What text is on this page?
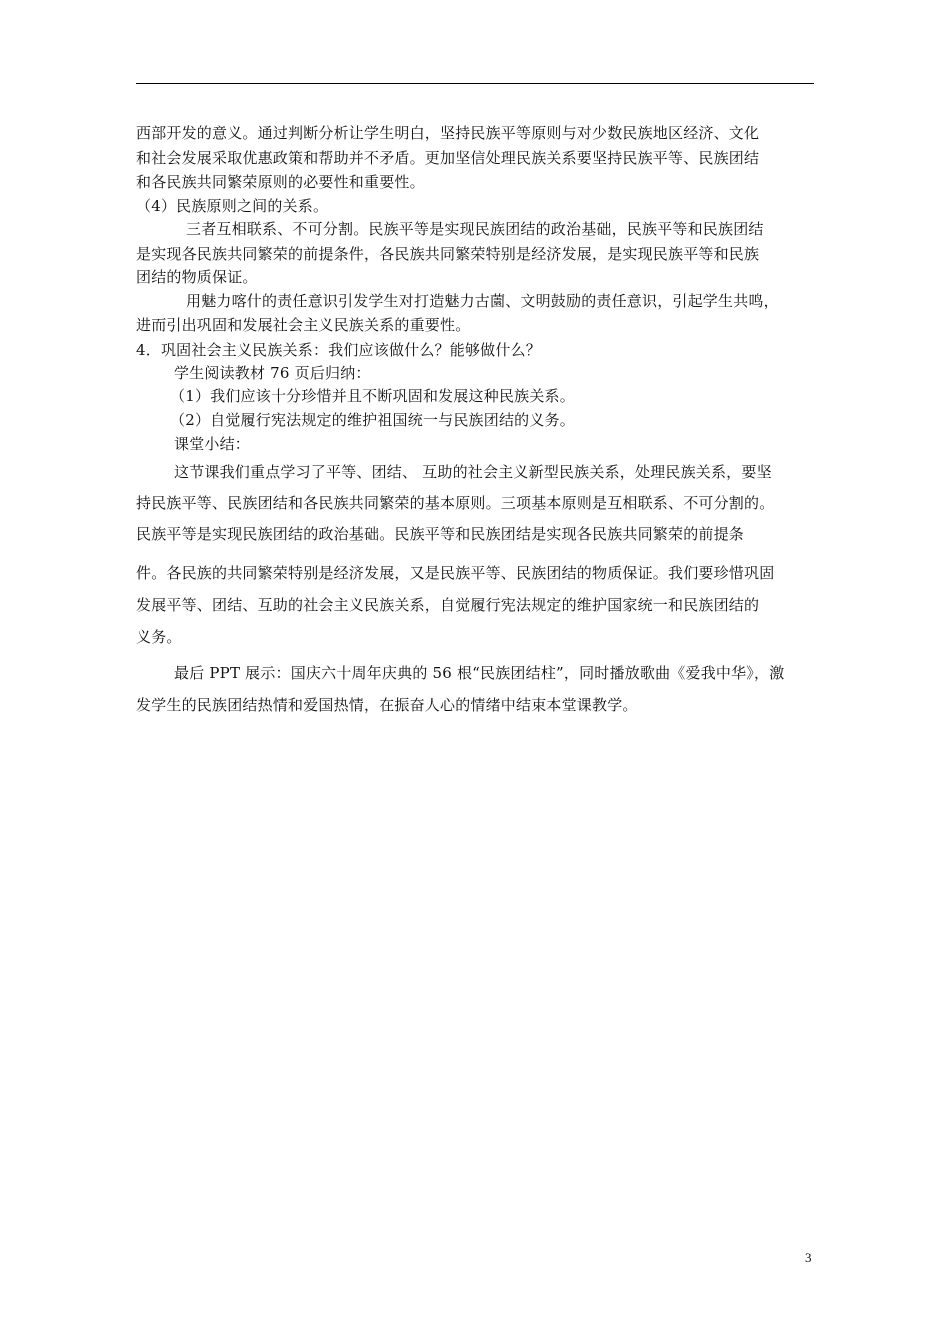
西部开发的意义。通过判断分析让学生明白，坚持民族平等原则与对少数民族地区经济、文化
和社会发展采取优惠政策和帮助并不矛盾。更加坚信处理民族关系要坚持民族平等、民族团结
和各民族共同繁荣原则的必要性和重要性。
（4）民族原则之间的关系。
三者互相联系、不可分割。民族平等是实现民族团结的政治基础，民族平等和民族团结
是实现各民族共同繁荣的前提条件，各民族共同繁荣特别是经济发展，是实现民族平等和民族
团结的物质保证。
用魅力喀什的责任意识引发学生对打造魅力古薗、文明鼓励的责任意识，引起学生共鸣，
进而引出巩固和发展社会主义民族关系的重要性。
4．巩固社会主义民族关系：我们应该做什么？能够做什么？
学生阅读教材 76 页后归纳：
（1）我们应该十分珍惜并且不断巩固和发展这种民族关系。
（2）自觉履行宪法规定的维护祖国统一与民族团结的义务。
课堂小结：
这节课我们重点学习了平等、团结、 互助的社会主义新型民族关系，处理民族关系，要坚
持民族平等、民族团结和各民族共同繁荣的基本原则。三项基本原则是互相联系、不可分割的。
民族平等是实现民族团结的政治基础。民族平等和民族团结是实现各民族共同繁荣的前提条
件。各民族的共同繁荣特别是经济发展，又是民族平等、民族团结的物质保证。我们要珍惜巩固
发展平等、团结、互助的社会主义民族关系，自觉履行宪法规定的维护国家统一和民族团结的
义务。
最后 PPT 展示：国庆六十周年庆典的 56 根“民族团结柱”，同时播放歌曲《爱我中华》，激
发学生的民族团结热情和爱国热情，在振奋人心的情绪中结束本堂课教学。
3
